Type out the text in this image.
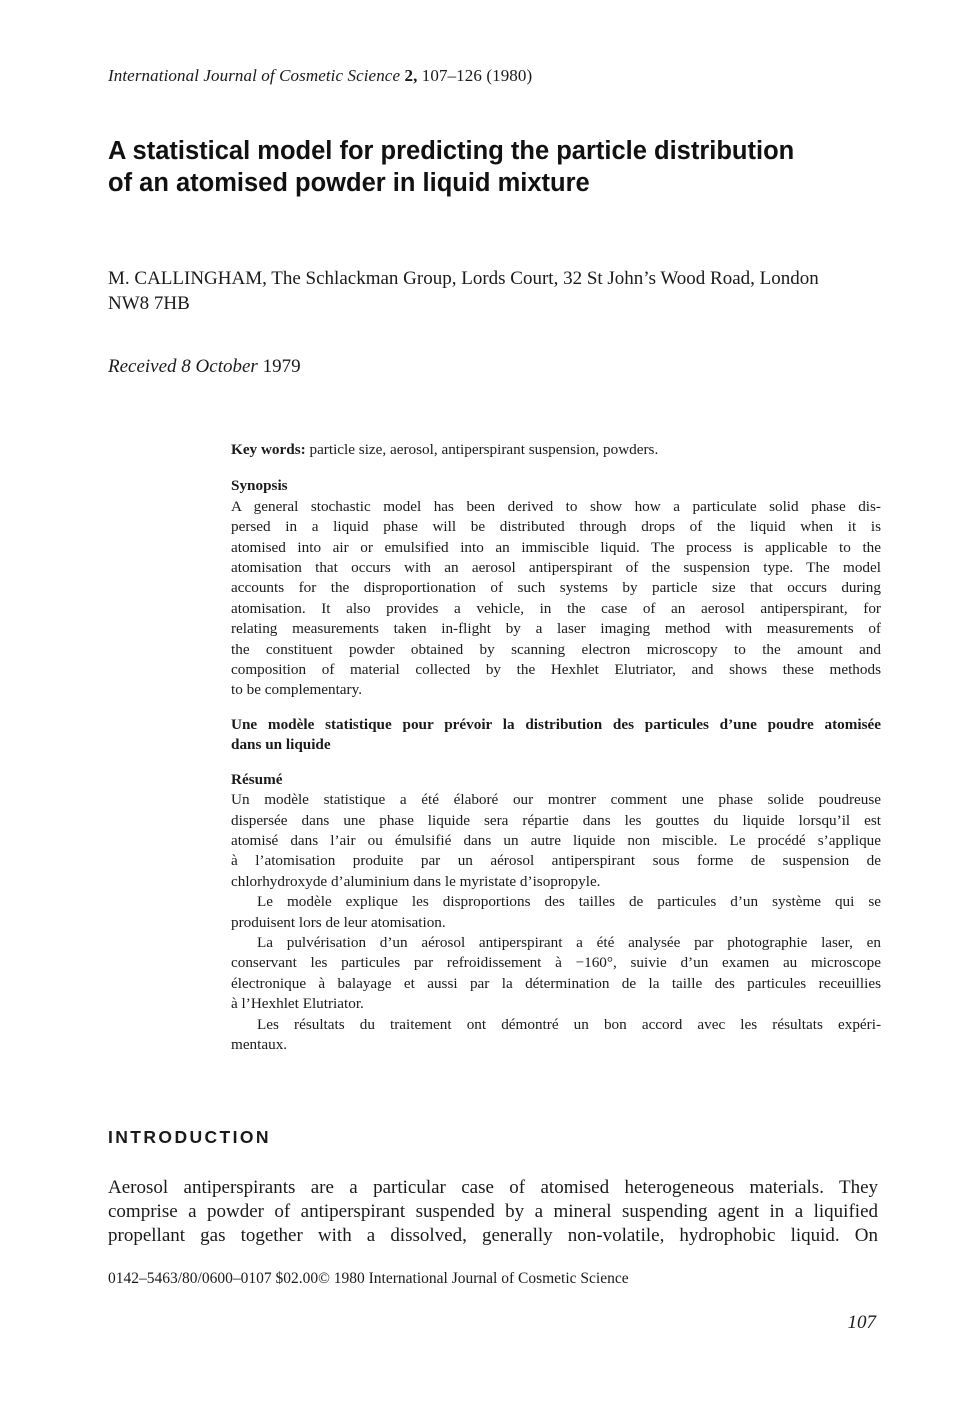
International Journal of Cosmetic Science 2, 107–126 (1980)
A statistical model for predicting the particle distribution
of an atomised powder in liquid mixture
M. CALLINGHAM, The Schlackman Group, Lords Court, 32 St John’s Wood Road, London
NW8 7HB
Received 8 October 1979
Key words: particle size, aerosol, antiperspirant suspension, powders.
Synopsis
A general stochastic model has been derived to show how a particulate solid phase dis-
persed in a liquid phase will be distributed through drops of the liquid when it is
atomised into air or emulsified into an immiscible liquid. The process is applicable to the
atomisation that occurs with an aerosol antiperspirant of the suspension type. The model
accounts for the disproportionation of such systems by particle size that occurs during
atomisation. It also provides a vehicle, in the case of an aerosol antiperspirant, for
relating measurements taken in-flight by a laser imaging method with measurements of
the constituent powder obtained by scanning electron microscopy to the amount and
composition of material collected by the Hexhlet Elutriator, and shows these methods
to be complementary.
Une modèle statistique pour prévoir la distribution des particules d’une poudre atomisée
dans un liquide
Résumé
Un modèle statistique a été élaboré our montrer comment une phase solide poudreuse
dispersée dans une phase liquide sera répartie dans les gouttes du liquide lorsqu’il est
atomisé dans l’air ou émulsifié dans un autre liquide non miscible. Le procédé s’applique
à l’atomisation produite par un aérosol antiperspirant sous forme de suspension de
chlorhydroxyde d’aluminium dans le myristate d’isopropyle.
Le modèle explique les disproportions des tailles de particules d’un système qui se
produisent lors de leur atomisation.
La pulvérisation d’un aérosol antiperspirant a été analysée par photographie laser, en
conservant les particules par refroidissement à −160°, suivie d’un examen au microscope
électronique à balayage et aussi par la détermination de la taille des particules receuillies
à l’Hexhlet Elutriator.
Les résultats du traitement ont démontré un bon accord avec les résultats expéri-
mentaux.
INTRODUCTION
Aerosol antiperspirants are a particular case of atomised heterogeneous materials. They
comprise a powder of antiperspirant suspended by a mineral suspending agent in a liquified
propellant gas together with a dissolved, generally non-volatile, hydrophobic liquid. On
0142–5463/80/0600–0107 $02.00© 1980 International Journal of Cosmetic Science
107
